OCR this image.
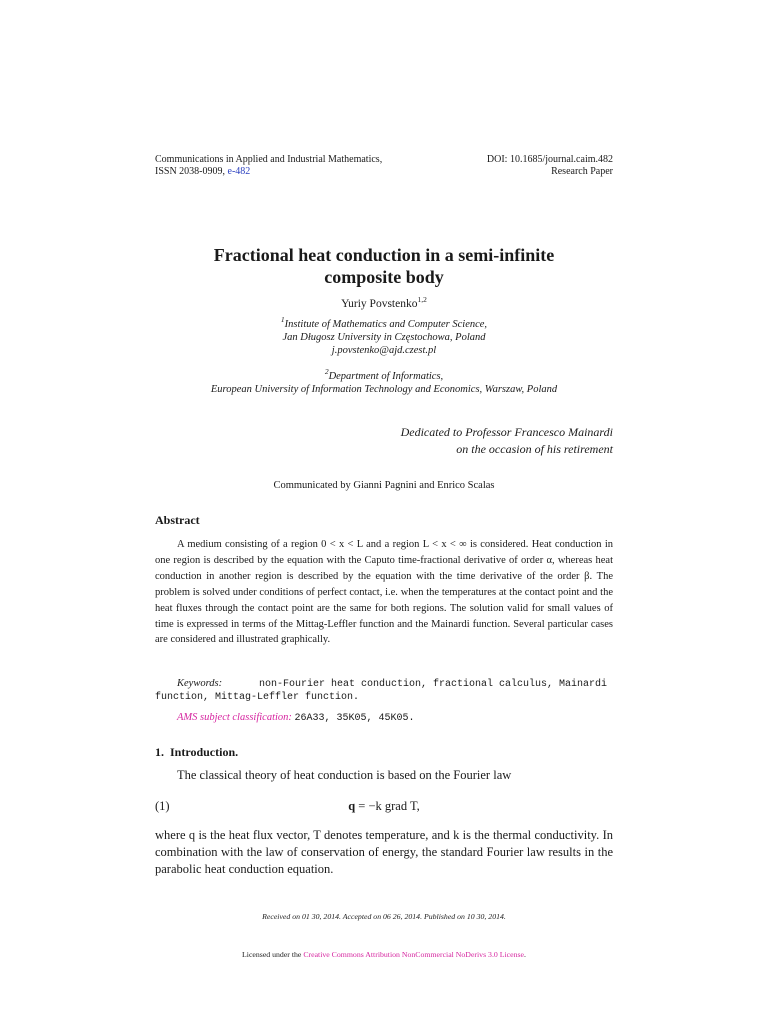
Communications in Applied and Industrial Mathematics,
ISSN 2038-0909, e-482
DOI: 10.1685/journal.caim.482
Research Paper
Fractional heat conduction in a semi-infinite
composite body
Yuriy Povstenko$^{1,2}$
$^1$Institute of Mathematics and Computer Science,
Jan Długosz University in Częstochowa, Poland
j.povstenko@ajd.czest.pl
$^2$Department of Informatics,
European University of Information Technology and Economics, Warszaw, Poland
Dedicated to Professor Francesco Mainardi
on the occasion of his retirement
Communicated by Gianni Pagnini and Enrico Scalas
Abstract

A medium consisting of a region 0 < x < L and a region L < x < ∞ is considered. Heat conduction in one region is described by the equation with the Caputo time-fractional derivative of order α, whereas heat conduction in another region is described by the equation with the time derivative of the order β. The problem is solved under conditions of perfect contact, i.e. when the temperatures at the contact point and the heat fluxes through the contact point are the same for both regions. The solution valid for small values of time is expressed in terms of the Mittag-Leffler function and the Mainardi function. Several particular cases are considered and illustrated graphically.

Keywords:	non-Fourier heat conduction, fractional calculus, Mainardi
function, Mittag-Leffler function.
AMS subject classification: 26A33, 35K05, 45K05.
1. Introduction.
The classical theory of heat conduction is based on the Fourier law
(1)	q = −k grad T,

where q is the heat flux vector, T denotes temperature, and k is the thermal conductivity. In combination with the law of conservation of energy, the standard Fourier law results in the parabolic heat conduction equation.

Received on 01 30, 2014. Accepted on 06 26, 2014. Published on 10 30, 2014.
Licensed under the Creative Commons Attribution NonCommercial NoDerivs 3.0 License.
